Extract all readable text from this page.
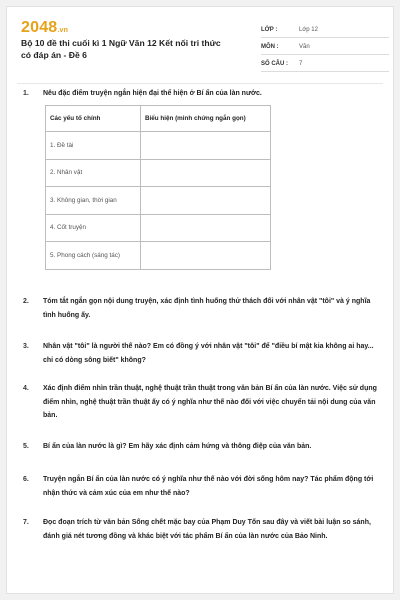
2048.vn
Bộ 10 đề thi cuối kì 1 Ngữ Văn 12 Kết nối tri thức có đáp án - Đề 6
LỚP :	Lớp 12
MÔN :	Văn
SỐ CÂU : 7
1. Nêu đặc điểm truyện ngắn hiện đại thể hiện ở Bí ẩn của làn nước.
Các yếu tố chính	Biểu hiện (minh chứng ngắn gọn)
1. Đề tài	
2. Nhân vật	
3. Không gian, thời gian	
4. Cốt truyện	
5. Phong cách (sáng tác)	
2. Tóm tắt ngắn gọn nội dung truyện, xác định tình huống thử thách đối với nhân vật "tôi" và ý nghĩa tình huống ấy.
3. Nhân vật "tôi" là người thế nào? Em có đồng ý với nhân vật "tôi" để "điều bí mật kia không ai hay... chỉ có dòng sông biết" không?
4. Xác định điểm nhìn trần thuật, nghệ thuật trần thuật trong văn bản Bí ẩn của làn nước. Việc sử dụng điểm nhìn, nghệ thuật trần thuật ấy có ý nghĩa như thế nào đối với việc chuyển tải nội dung của văn bản.
5. Bí ẩn của làn nước là gì? Em hãy xác định cảm hứng và thông điệp của văn bản.
6. Truyện ngắn Bí ẩn của làn nước có ý nghĩa như thế nào với đời sống hôm nay? Tác phẩm động tới nhận thức và cảm xúc của em như thế nào?
7. Đọc đoạn trích từ văn bản Sống chết mặc bay của Phạm Duy Tốn sau đây và viết bài luận so sánh, đánh giá nét tương đồng và khác biệt với tác phẩm Bí ẩn của làn nước của Bảo Ninh.
